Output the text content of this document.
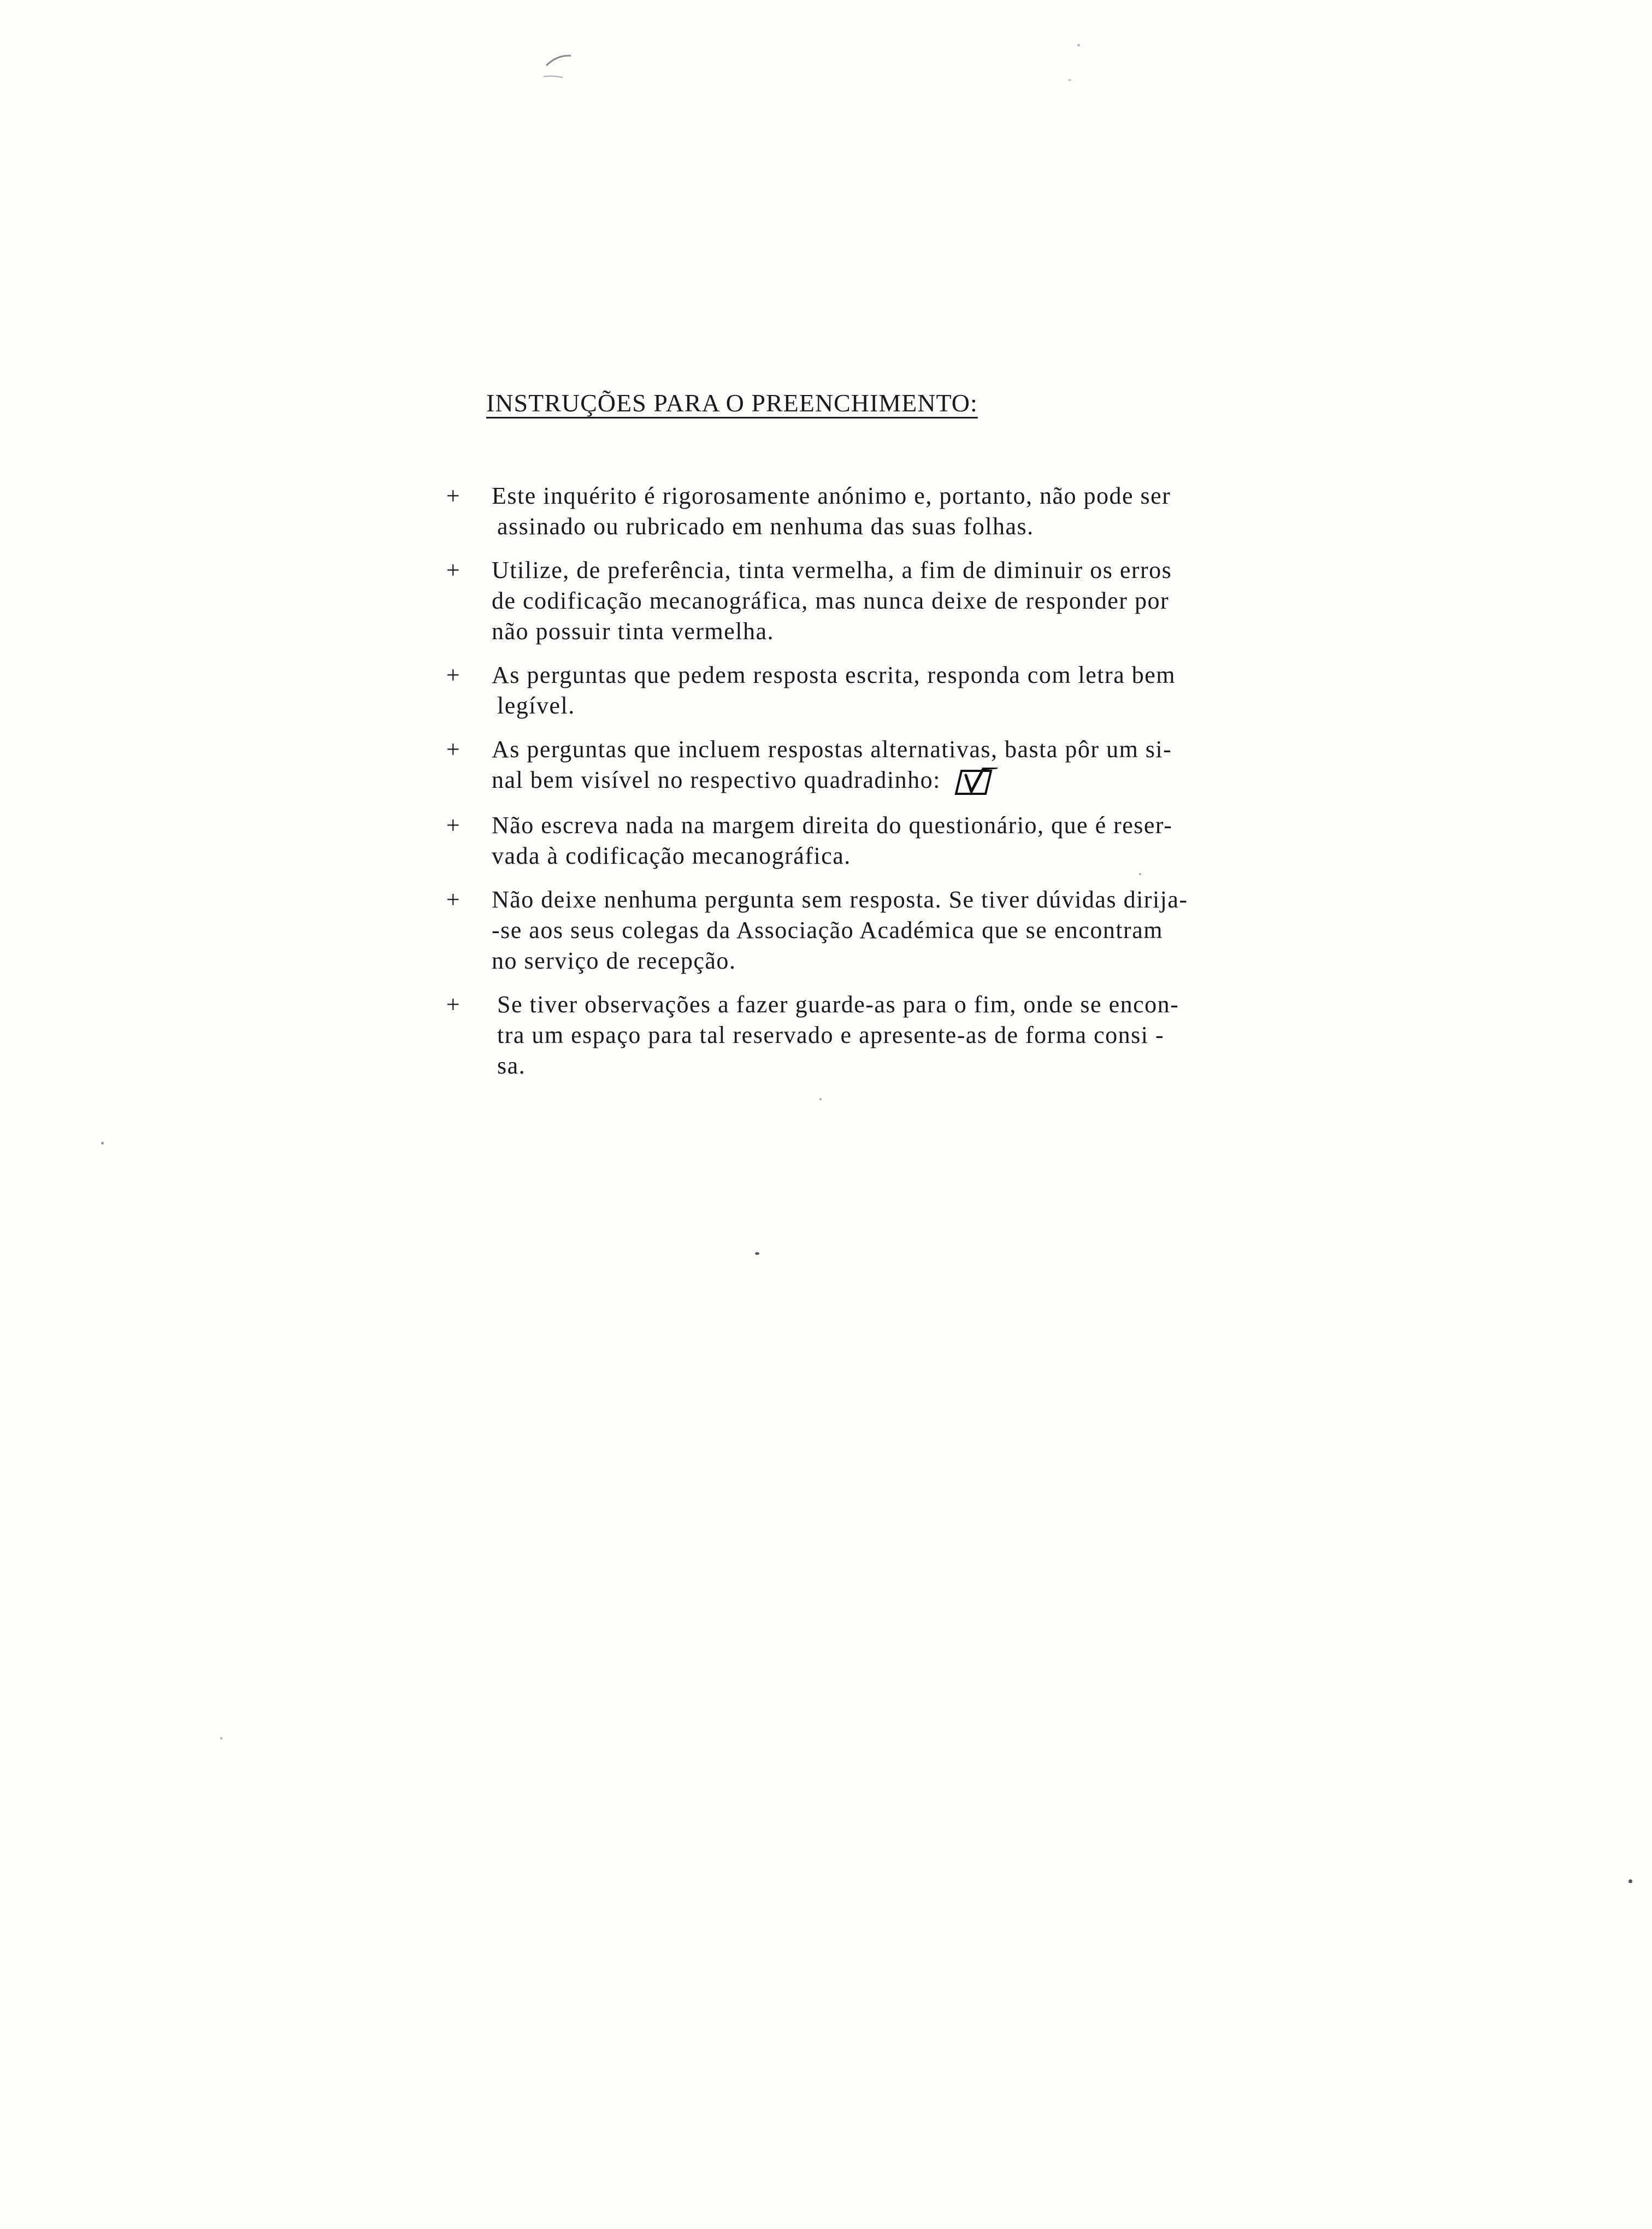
INSTRUÇÕES PARA O PREENCHIMENTO:
+	Este inquérito é rigorosamente anónimo e, portanto, não pode ser
assinado ou rubricado em nenhuma das suas folhas.
+	Utilize, de preferência, tinta vermelha, a fim de diminuir os erros
de codificação mecanográfica, mas nunca deixe de responder por
não possuir tinta vermelha.
+	As perguntas que pedem resposta escrita, responda com letra bem
legível.
+	As perguntas que incluem respostas alternativas, basta pôr um si-
nal bem visível no respectivo quadradinho:
+	Não escreva nada na margem direita do questionário, que é reser-
vada à codificação mecanográfica.
+	Não deixe nenhuma pergunta sem resposta. Se tiver dúvidas dirija-
-se aos seus colegas da Associação Académica que se encontram
no serviço de recepção.
+	Se tiver observações a fazer guarde-as para o fim, onde se encon-
tra um espaço para tal reservado e apresente-as de forma consi -
sa.
